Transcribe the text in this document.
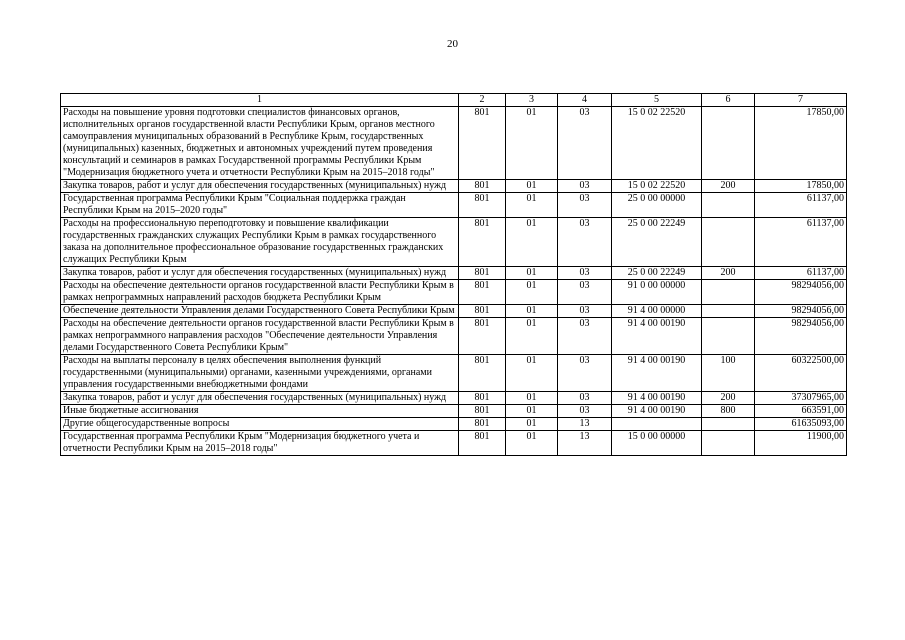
20
1	2	3	4	5	6	7
Расходы на повышение уровня подготовки специалистов финансовых органов, исполнительных органов государственной власти Республики Крым, органов местного самоуправления муниципальных образований в Республике Крым, государственных (муниципальных) казенных, бюджетных и автономных учреждений путем проведения консультаций и семинаров в рамках Государственной программы Республики Крым "Модернизация бюджетного учета и отчетности Республики Крым на 2015–2018 годы"	801	01	03	15 0 02 22520		17850,00
Закупка товаров, работ и услуг для обеспечения государственных (муниципальных) нужд	801	01	03	15 0 02 22520	200	17850,00
Государственная программа Республики Крым "Социальная поддержка граждан Республики Крым на 2015–2020 годы"	801	01	03	25 0 00 00000		61137,00
Расходы на профессиональную переподготовку и повышение квалификации государственных гражданских служащих Республики Крым в рамках государственного заказа на дополнительное профессиональное образование государственных гражданских служащих Республики Крым	801	01	03	25 0 00 22249		61137,00
Закупка товаров, работ и услуг для обеспечения государственных (муниципальных) нужд	801	01	03	25 0 00 22249	200	61137,00
Расходы на обеспечение деятельности органов государственной власти Республики Крым в рамках непрограммных направлений расходов бюджета Республики Крым	801	01	03	91 0 00 00000		98294056,00
Обеспечение деятельности Управления делами Государственного Совета Республики Крым	801	01	03	91 4 00 00000		98294056,00
Расходы на обеспечение деятельности органов государственной власти Республики Крым в рамках непрограммного направления расходов "Обеспечение деятельности Управления делами Государственного Совета Республики Крым"	801	01	03	91 4 00 00190		98294056,00
Расходы на выплаты персоналу в целях обеспечения выполнения функций государственными (муниципальными) органами, казенными учреждениями, органами управления государственными внебюджетными фондами	801	01	03	91 4 00 00190	100	60322500,00
Закупка товаров, работ и услуг для обеспечения государственных (муниципальных) нужд	801	01	03	91 4 00 00190	200	37307965,00
Иные бюджетные ассигнования	801	01	03	91 4 00 00190	800	663591,00
Другие общегосударственные вопросы	801	01	13			61635093,00
Государственная программа Республики Крым "Модернизация бюджетного учета и отчетности Республики Крым на 2015–2018 годы"	801	01	13	15 0 00 00000		11900,00
